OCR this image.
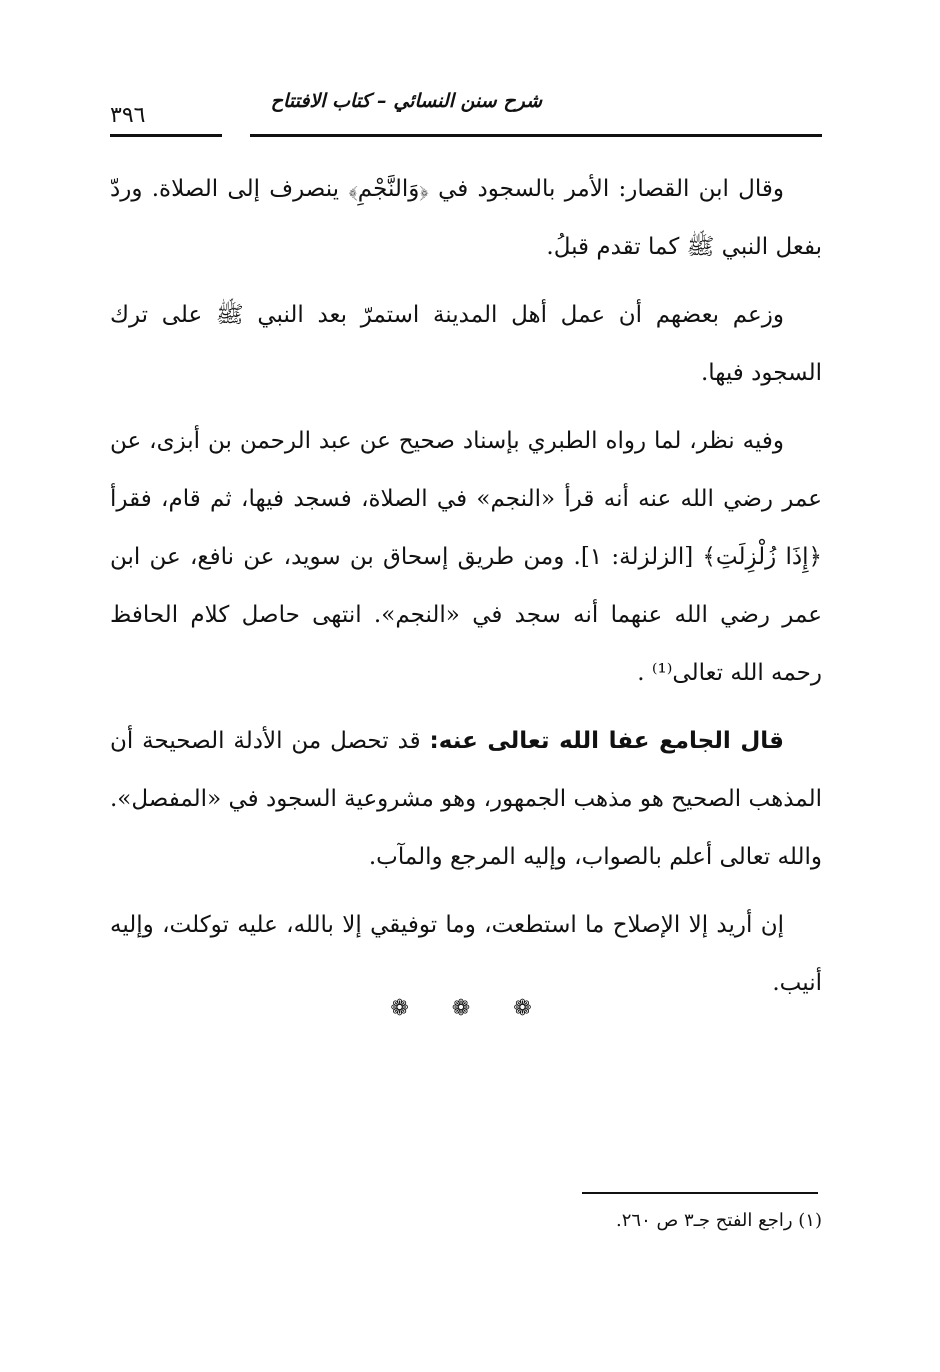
شرح سنن النسائي – كتاب الافتتاح
٣٩٦

وقال ابن القصار: الأمر بالسجود في ﴿وَالنَّجْمِ﴾ ينصرف إلى الصلاة. وردّ بفعل النبي ﷺ كما تقدم قبلُ.

وزعم بعضهم أن عمل أهل المدينة استمرّ بعد النبي ﷺ على ترك السجود فيها.

وفيه نظر، لما رواه الطبري بإسناد صحيح عن عبد الرحمن بن أبزى، عن عمر رضي الله عنه أنه قرأ «النجم» في الصلاة، فسجد فيها، ثم قام، فقرأ ﴿إِذَا زُلْزِلَتِ﴾ [الزلزلة: ١]. ومن طريق إسحاق بن سويد، عن نافع، عن ابن عمر رضي الله عنهما أنه سجد في «النجم». انتهى حاصل كلام الحافظ رحمه الله تعالى⁽¹⁾ .

قال الجامع عفا الله تعالى عنه: قد تحصل من الأدلة الصحيحة أن المذهب الصحيح هو مذهب الجمهور، وهو مشروعية السجود في «المفصل». والله تعالى أعلم بالصواب، وإليه المرجع والمآب.

إن أريد إلا الإصلاح ما استطعت، وما توفيقي إلا بالله، عليه توكلت، وإليه أنيب.

❁ ❁ ❁
(١) راجع الفتح جـ٣ ص ٢٦٠.
